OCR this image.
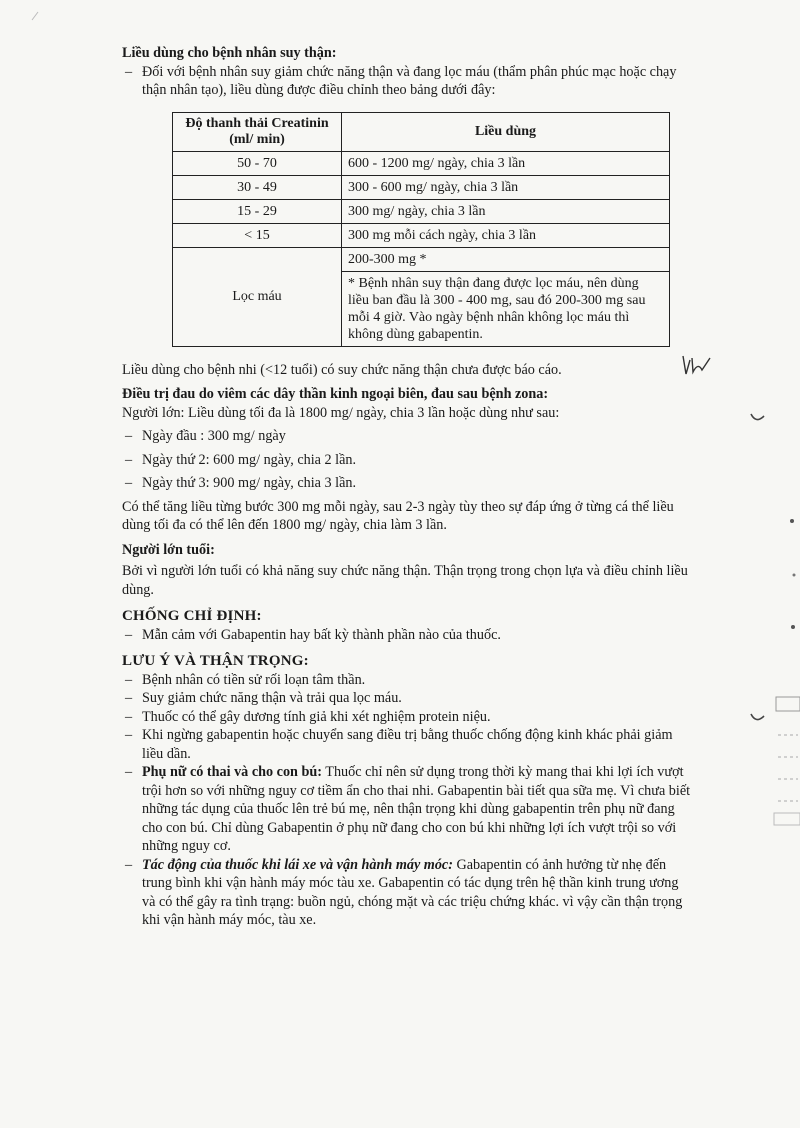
Liều dùng cho bệnh nhân suy thận:

– Đối với bệnh nhân suy giảm chức năng thận và đang lọc máu (thẩm phân phúc mạc hoặc chạy
thận nhân tạo), liều dùng được điều chỉnh theo bảng dưới đây:
Độ thanh thải Creatinin (ml/ min)	Liều dùng
50 - 70	600 - 1200 mg/ ngày, chia 3 lần
30 - 49	300 - 600 mg/ ngày, chia 3 lần
15 - 29	300 mg/ ngày, chia 3 lần
< 15	300 mg mỗi cách ngày, chia 3 lần
Lọc máu	200-300 mg *
	* Bệnh nhân suy thận đang được lọc máu, nên dùng liều ban đầu là 300 - 400 mg, sau đó 200-300 mg sau mỗi 4 giờ. Vào ngày bệnh nhân không lọc máu thì không dùng gabapentin.

Liều dùng cho bệnh nhi (<12 tuổi) có suy chức năng thận chưa được báo cáo.

Điều trị đau do viêm các dây thần kinh ngoại biên, đau sau bệnh zona:

Người lớn: Liều dùng tối đa là 1800 mg/ ngày, chia 3 lần hoặc dùng như sau:

– Ngày đầu : 300 mg/ ngày
– Ngày thứ 2: 600 mg/ ngày, chia 2 lần.
– Ngày thứ 3: 900 mg/ ngày, chia 3 lần.

Có thể tăng liều từng bước 300 mg mỗi ngày, sau 2-3 ngày tùy theo sự đáp ứng ở từng cá thể liều
dùng tối đa có thể lên đến 1800 mg/ ngày, chia làm 3 lần.

Người lớn tuổi:

Bởi vì người lớn tuổi có khả năng suy chức năng thận. Thận trọng trong chọn lựa và điều chỉnh liều
dùng.

CHỐNG CHỈ ĐỊNH:

– Mẫn cảm với Gabapentin hay bất kỳ thành phần nào của thuốc.

LƯU Ý VÀ THẬN TRỌNG:

– Bệnh nhân có tiền sử rối loạn tâm thần.
– Suy giảm chức năng thận và trải qua lọc máu.
– Thuốc có thể gây dương tính giả khi xét nghiệm protein niệu.
– Khi ngừng gabapentin hoặc chuyển sang điều trị bằng thuốc chống động kinh khác phải giảm
liều dần.
– Phụ nữ có thai và cho con bú: Thuốc chỉ nên sử dụng trong thời kỳ mang thai khi lợi ích vượt
trội hơn so với những nguy cơ tiềm ẩn cho thai nhi. Gabapentin bài tiết qua sữa mẹ. Vì chưa biết
những tác dụng của thuốc lên trẻ bú mẹ, nên thận trọng khi dùng gabapentin trên phụ nữ đang
cho con bú. Chỉ dùng Gabapentin ở phụ nữ đang cho con bú khi những lợi ích vượt trội so với
những nguy cơ.
– Tác động của thuốc khi lái xe và vận hành máy móc: Gabapentin có ảnh hưởng từ nhẹ đến
trung bình khi vận hành máy móc tàu xe. Gabapentin có tác dụng trên hệ thần kinh trung ương
và có thể gây ra tình trạng: buồn ngủ, chóng mặt và các triệu chứng khác. vì vậy cần thận trọng
khi vận hành máy móc, tàu xe.
